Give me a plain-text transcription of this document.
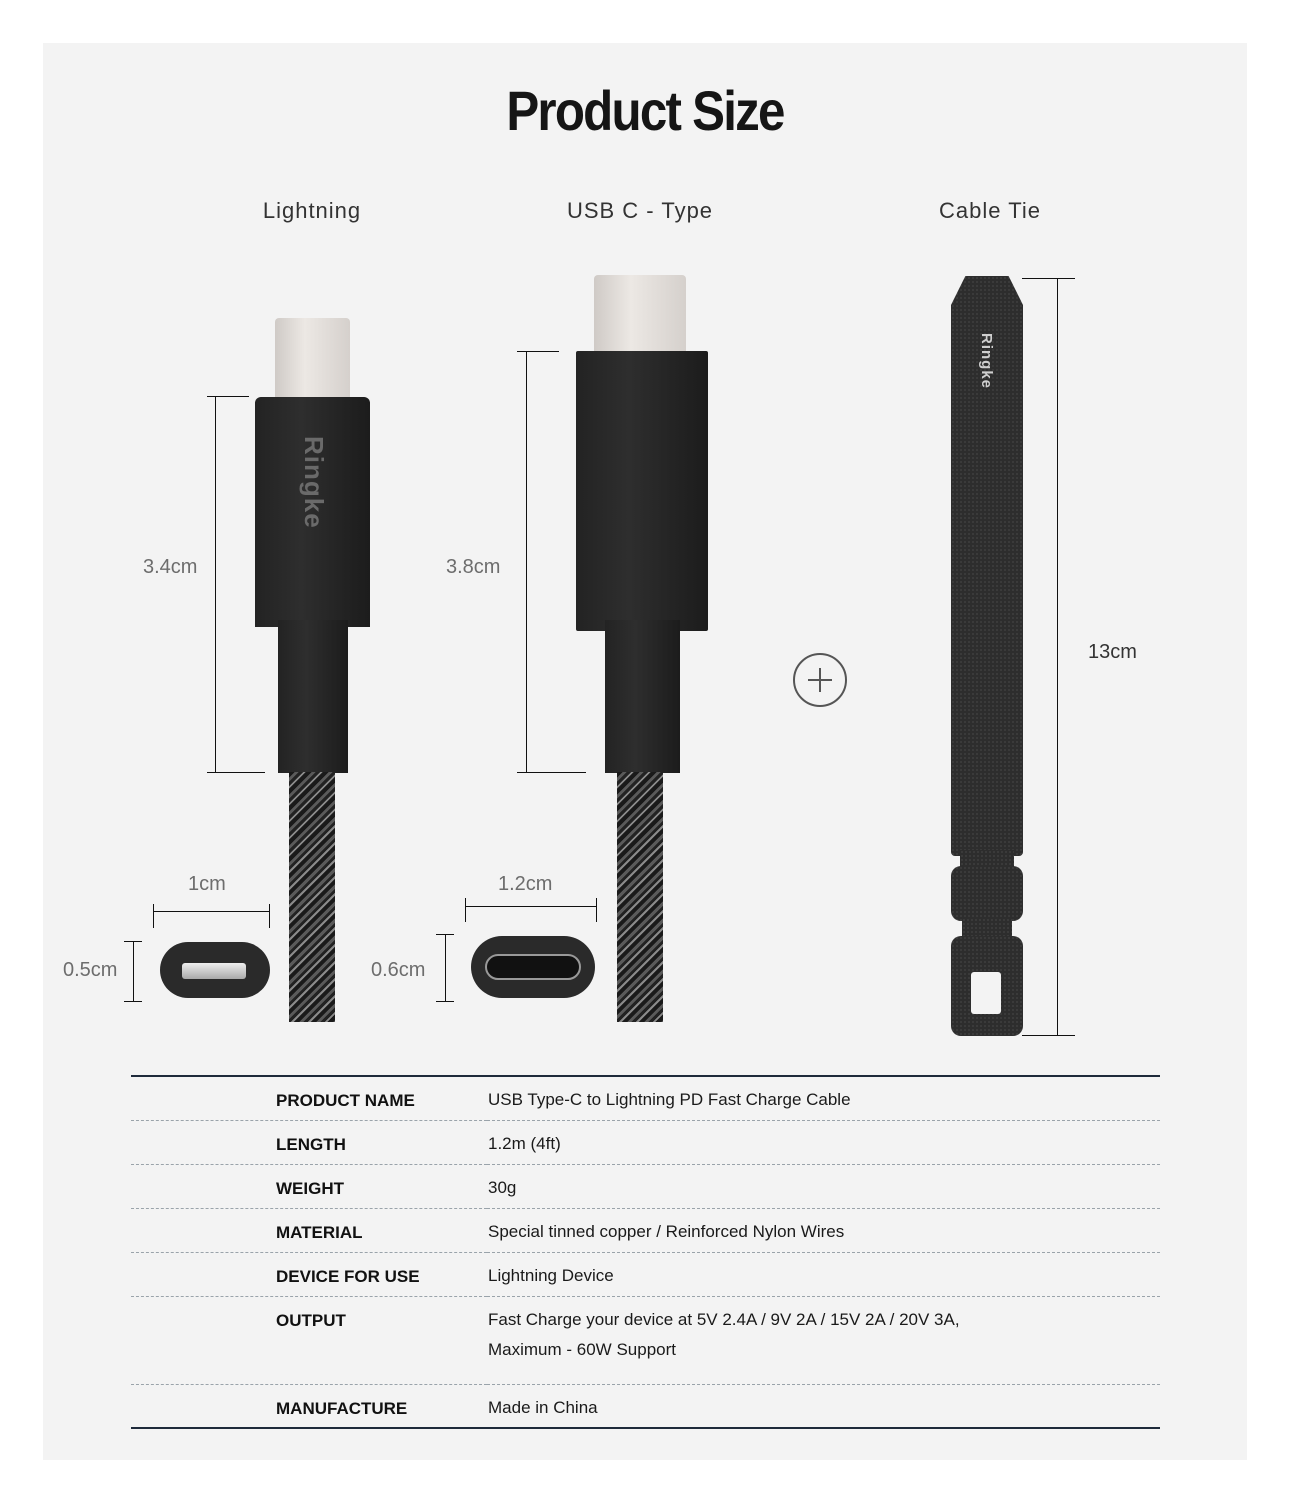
Product Size
Lightning	USB C - Type	Cable Tie
Ringke
3.4cm	3.8cm
1cm
0.5cm
1.2cm
0.6cm
Ringke
13cm
PRODUCT NAME	USB Type-C to Lightning PD Fast Charge Cable
LENGTH	1.2m (4ft)
WEIGHT	30g
MATERIAL	Special tinned copper / Reinforced Nylon Wires
DEVICE FOR USE	Lightning Device
OUTPUT	Fast Charge your device at 5V 2.4A / 9V 2A / 15V 2A / 20V 3A,
Maximum - 60W Support

MANUFACTURE	Made in China
